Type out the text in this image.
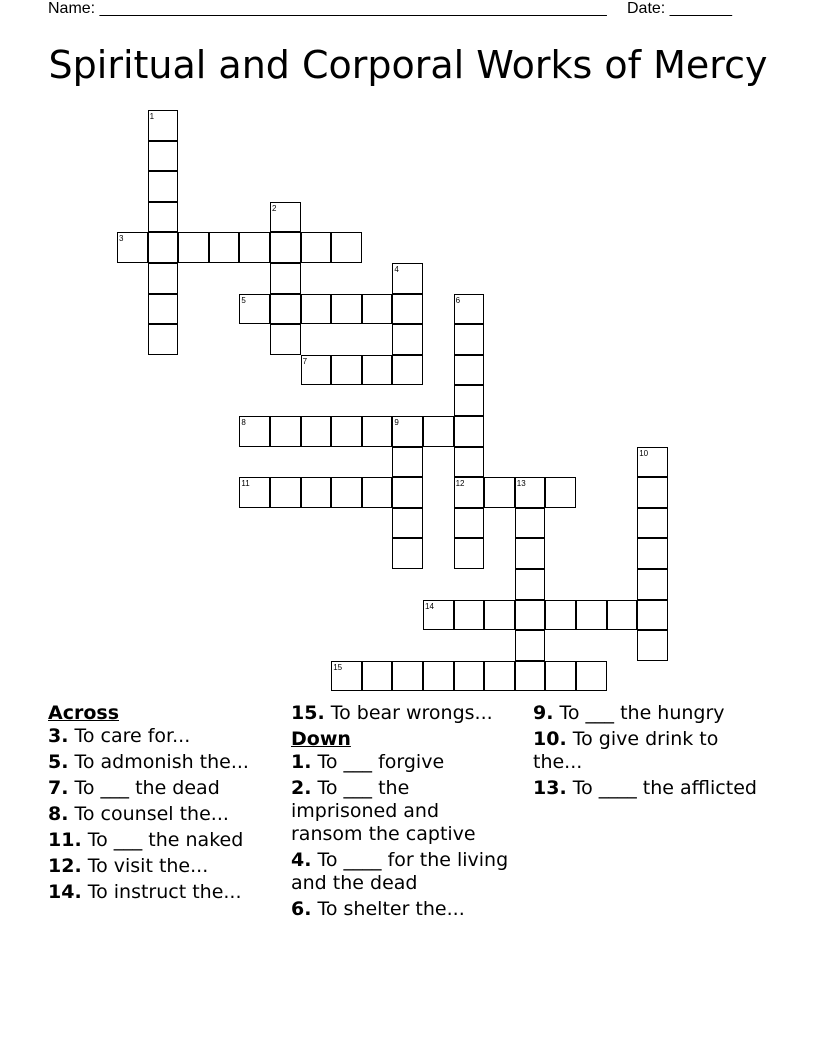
Name: _________________________________________________________ Date: _______
Spiritual and Corporal Works of Mercy
1
2
3
4
5	6
7
8	9
10
11	12	13
14
15
Across
3. To care for...
5. To admonish the...
7. To ___ the dead
8. To counsel the...
11. To ___ the naked
12. To visit the...
14. To instruct the...
15. To bear wrongs...
Down
1. To ___ forgive
2. To ___ the imprisoned and ransom the captive
4. To ____ for the living and the dead
6. To shelter the...
9. To ___ the hungry
10. To give drink to the...
13. To ____ the afflicted
